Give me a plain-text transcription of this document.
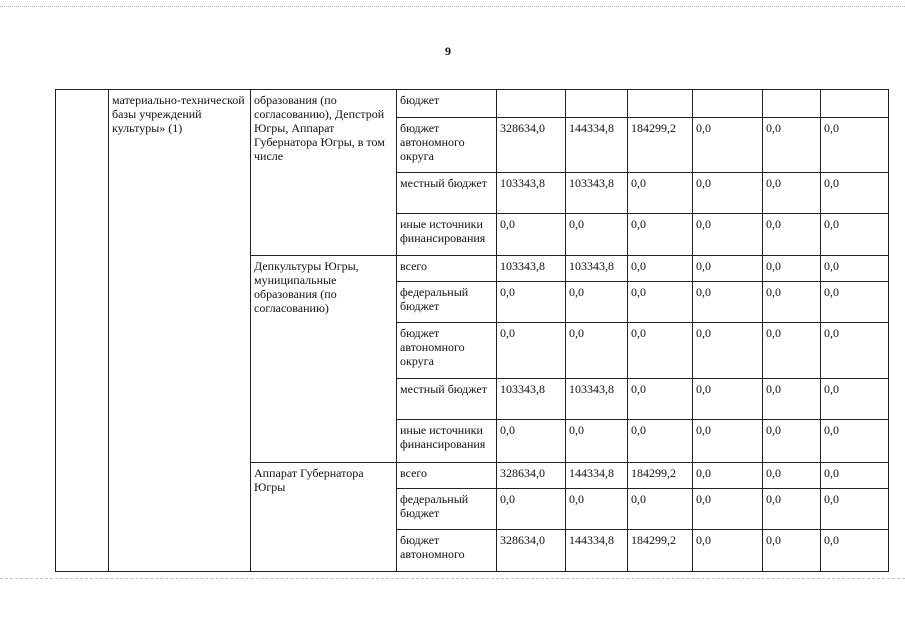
9
	материально-технической базы учреждений культуры» (1)	образования (по согласованию), Депстрой Югры, Аппарат Губернатора Югры, в том числе	бюджет						
			бюджет автономного округа	328634,0	144334,8	184299,2	0,0	0,0	0,0
			местный бюджет	103343,8	103343,8	0,0	0,0	0,0	0,0
			иные источники финансирования	0,0	0,0	0,0	0,0	0,0	0,0
		Депкультуры Югры, муниципальные образования (по согласованию)	всего	103343,8	103343,8	0,0	0,0	0,0	0,0
			федеральный бюджет	0,0	0,0	0,0	0,0	0,0	0,0
			бюджет автономного округа	0,0	0,0	0,0	0,0	0,0	0,0
			местный бюджет	103343,8	103343,8	0,0	0,0	0,0	0,0
			иные источники финансирования	0,0	0,0	0,0	0,0	0,0	0,0
		Аппарат Губернатора Югры	всего	328634,0	144334,8	184299,2	0,0	0,0	0,0
			федеральный бюджет	0,0	0,0	0,0	0,0	0,0	0,0
			бюджет автономного	328634,0	144334,8	184299,2	0,0	0,0	0,0
